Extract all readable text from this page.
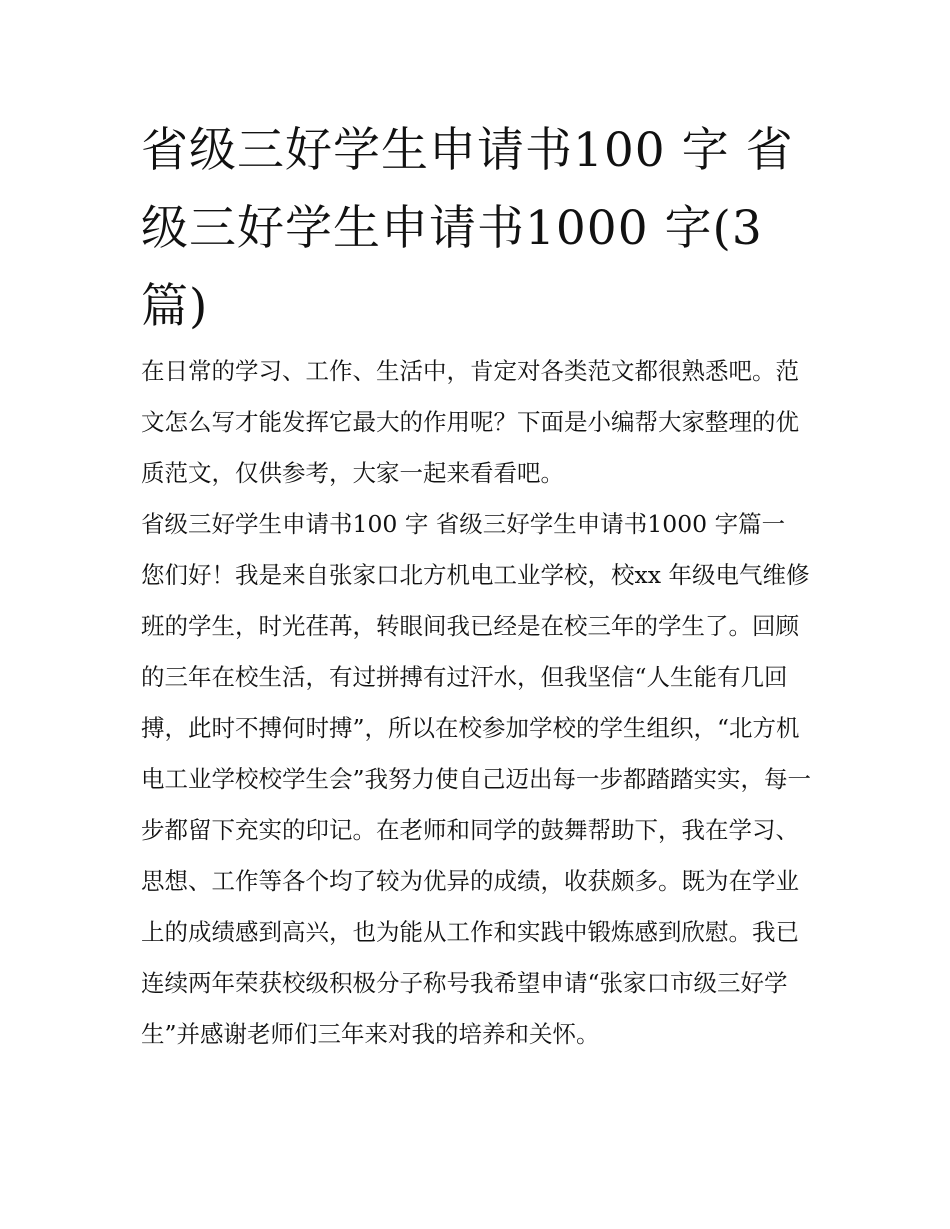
省级三好学生申请书100 字 省
级三好学生申请书1000 字(3
篇)

在日常的学习、工作、生活中，肯定对各类范文都很熟悉吧。范文怎么写才能发挥它最大的作用呢？下面是小编帮大家整理的优质范文，仅供参考，大家一起来看看吧。

省级三好学生申请书100 字 省级三好学生申请书1000 字篇一

您们好！我是来自张家口北方机电工业学校，校xx 年级电气维修班的学生，时光荏苒，转眼间我已经是在校三年的学生了。回顾的三年在校生活，有过拼搏有过汗水，但我坚信“人生能有几回搏，此时不搏何时搏”，所以在校参加学校的学生组织，“北方机电工业学校校学生会”我努力使自己迈出每一步都踏踏实实，每一步都留下充实的印记。在老师和同学的鼓舞帮助下，我在学习、思想、工作等各个均了较为优异的成绩，收获颇多。既为在学业上的成绩感到高兴，也为能从工作和实践中锻炼感到欣慰。我已连续两年荣获校级积极分子称号我希望申请“张家口市级三好学生”并感谢老师们三年来对我的培养和关怀。
